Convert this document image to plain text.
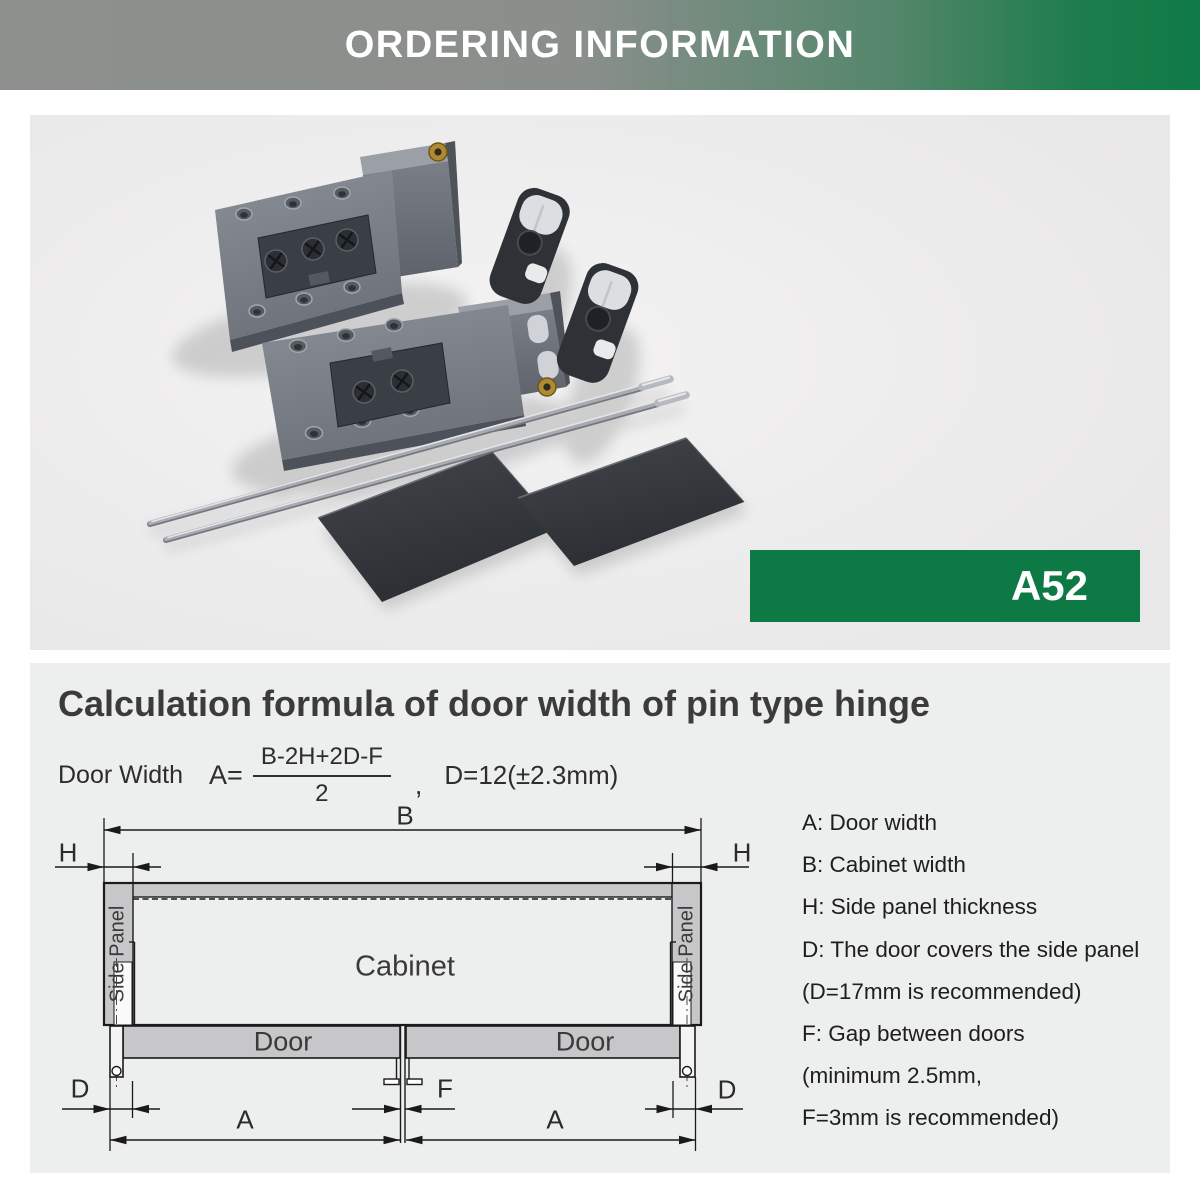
ORDERING INFORMATION
A52
Calculation formula of door width of pin type hinge
Door Width $A= \frac{B-2H+2D-F}{2}$ , D=12(±2.3mm)
B
H	H
Side Panel	Side Panel
Cabinet
Door	Door
D	D
F
A	A
A: Door width
B: Cabinet width
H: Side panel thickness
D: The door covers the side panel
(D=17mm is recommended)
F: Gap between doors
(minimum 2.5mm,
F=3mm is recommended)
